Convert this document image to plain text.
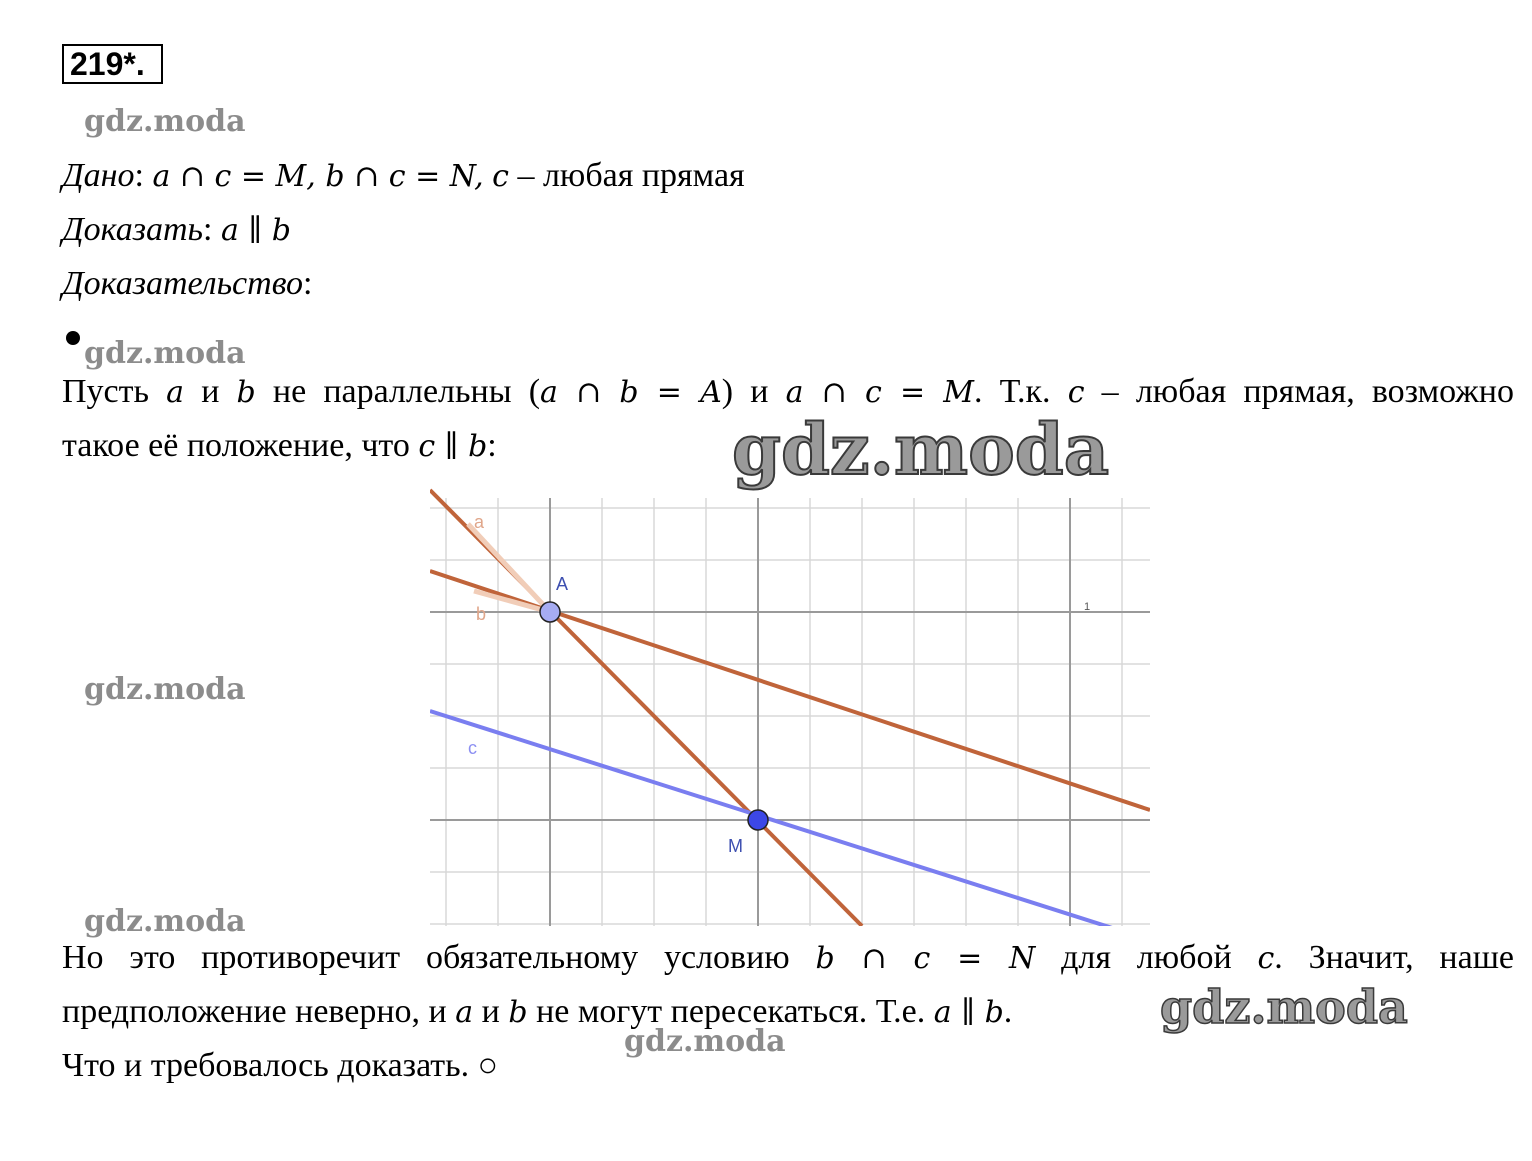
219*.
gdz.moda
Дано: a ∩ c = M, b ∩ c = N, c – любая прямая
Доказать: a ∥ b
Доказательство:
gdz.moda
Пусть a и b не параллельны (a ∩ b = A) и a ∩ c = M. Т.к. c – любая прямая, возможно
такое её положение, что c ∥ b:	gdz.moda
a
b
c
A
M
1
gdz.moda
gdz.moda
Но это противоречит обязательному условию b ∩ c = N для любой c. Значит, наше
предположение неверно, и a и b не могут пересекаться. Т.е. a ∥ b.	gdz.moda
gdz.moda
Что и требовалось доказать. ○
